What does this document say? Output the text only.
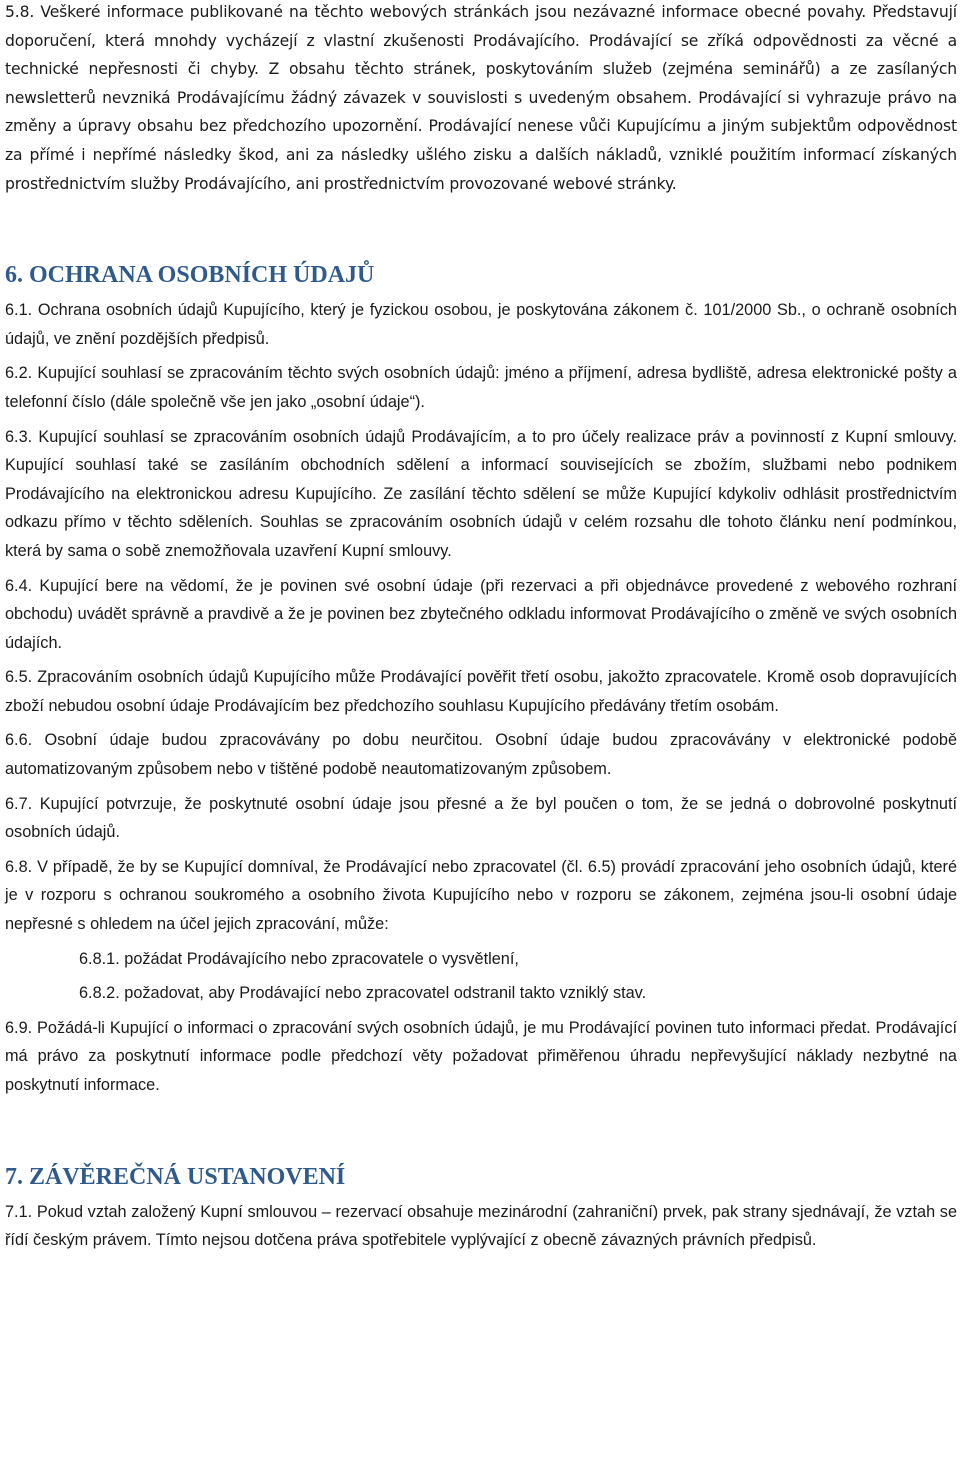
5.8. Veškeré informace publikované na těchto webových stránkách jsou nezávazné informace obecné povahy. Představují doporučení, která mnohdy vycházejí z vlastní zkušenosti Prodávajícího. Prodávající se zříká odpovědnosti za věcné a technické nepřesnosti či chyby. Z obsahu těchto stránek, poskytováním služeb (zejména seminářů) a ze zasílaných newsletterů nevzniká Prodávajícímu žádný závazek v souvislosti s uvedeným obsahem. Prodávající si vyhrazuje právo na změny a úpravy obsahu bez předchozího upozornění. Prodávající nenese vůči Kupujícímu a jiným subjektům odpovědnost za přímé i nepřímé následky škod, ani za následky ušlého zisku a dalších nákladů, vzniklé použitím informací získaných prostřednictvím služby Prodávajícího, ani prostřednictvím provozované webové stránky.

6. OCHRANA OSOBNÍCH ÚDAJŮ

6.1. Ochrana osobních údajů Kupujícího, který je fyzickou osobou, je poskytována zákonem č. 101/2000 Sb., o ochraně osobních údajů, ve znění pozdějších předpisů.

6.2. Kupující souhlasí se zpracováním těchto svých osobních údajů: jméno a příjmení, adresa bydliště, adresa elektronické pošty a telefonní číslo (dále společně vše jen jako „osobní údaje“).

6.3. Kupující souhlasí se zpracováním osobních údajů Prodávajícím, a to pro účely realizace práv a povinností z Kupní smlouvy. Kupující souhlasí také se zasíláním obchodních sdělení a informací souvisejících se zbožím, službami nebo podnikem Prodávajícího na elektronickou adresu Kupujícího. Ze zasílání těchto sdělení se může Kupující kdykoliv odhlásit prostřednictvím odkazu přímo v těchto sděleních. Souhlas se zpracováním osobních údajů v celém rozsahu dle tohoto článku není podmínkou, která by sama o sobě znemožňovala uzavření Kupní smlouvy.

6.4. Kupující bere na vědomí, že je povinen své osobní údaje (při rezervaci a při objednávce provedené z webového rozhraní obchodu) uvádět správně a pravdivě a že je povinen bez zbytečného odkladu informovat Prodávajícího o změně ve svých osobních údajích.

6.5. Zpracováním osobních údajů Kupujícího může Prodávající pověřit třetí osobu, jakožto zpracovatele. Kromě osob dopravujících zboží nebudou osobní údaje Prodávajícím bez předchozího souhlasu Kupujícího předávány třetím osobám.

6.6. Osobní údaje budou zpracovávány po dobu neurčitou. Osobní údaje budou zpracovávány v elektronické podobě automatizovaným způsobem nebo v tištěné podobě neautomatizovaným způsobem.

6.7. Kupující potvrzuje, že poskytnuté osobní údaje jsou přesné a že byl poučen o tom, že se jedná o dobrovolné poskytnutí osobních údajů.

6.8. V případě, že by se Kupující domníval, že Prodávající nebo zpracovatel (čl. 6.5) provádí zpracování jeho osobních údajů, které je v rozporu s ochranou soukromého a osobního života Kupujícího nebo v rozporu se zákonem, zejména jsou-li osobní údaje nepřesné s ohledem na účel jejich zpracování, může:

6.8.1. požádat Prodávajícího nebo zpracovatele o vysvětlení,

6.8.2. požadovat, aby Prodávající nebo zpracovatel odstranil takto vzniklý stav.

6.9. Požádá-li Kupující o informaci o zpracování svých osobních údajů, je mu Prodávající povinen tuto informaci předat. Prodávající má právo za poskytnutí informace podle předchozí věty požadovat přiměřenou úhradu nepřevyšující náklady nezbytné na poskytnutí informace.

7. ZÁVĚREČNÁ USTANOVENÍ

7.1. Pokud vztah založený Kupní smlouvou – rezervací obsahuje mezinárodní (zahraniční) prvek, pak strany sjednávají, že vztah se řídí českým právem. Tímto nejsou dotčena práva spotřebitele vyplývající z obecně závazných právních předpisů.
